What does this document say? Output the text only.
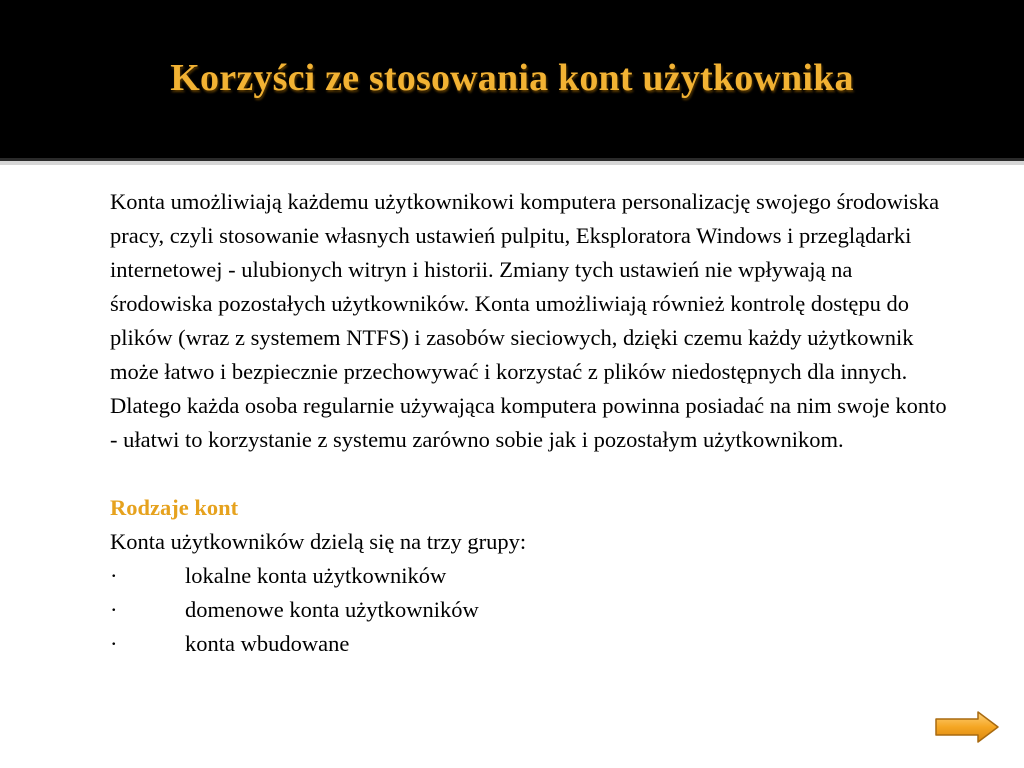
Korzyści ze stosowania kont użytkownika

Konta umożliwiają każdemu użytkownikowi komputera personalizację swojego środowiska pracy, czyli stosowanie własnych ustawień pulpitu, Eksploratora Windows i przeglądarki internetowej - ulubionych witryn i historii. Zmiany tych ustawień nie wpływają na środowiska pozostałych użytkowników. Konta umożliwiają również kontrolę dostępu do plików (wraz z systemem NTFS) i zasobów sieciowych, dzięki czemu każdy użytkownik może łatwo i bezpiecznie przechowywać i korzystać z plików niedostępnych dla innych. Dlatego każda osoba regularnie używająca komputera powinna posiadać na nim swoje konto - ułatwi to korzystanie z systemu zarówno sobie jak i pozostałym użytkownikom.

Rodzaje kont

Konta użytkowników dzielą się na trzy grupy:

·	lokalne konta użytkowników
·	domenowe konta użytkowników
·	konta wbudowane
